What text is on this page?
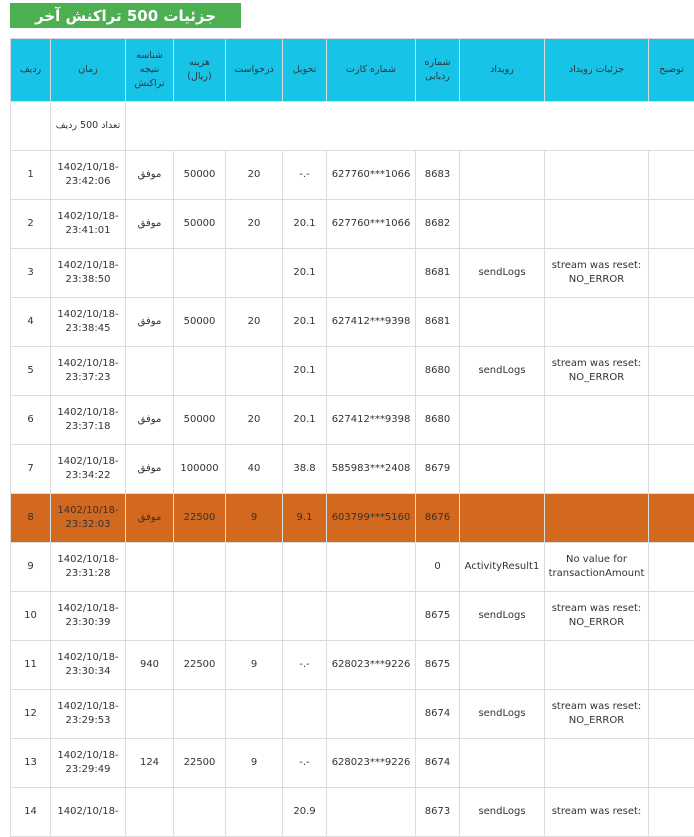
جزئیات 500 تراکنش آخر
	تعداد 500 ردیف									
ردیف	زمان	شناسه نتیجه تراکنش	هزینه (ریال)	درخواست	تحویل	شماره کارت	شماره ردیابی	رویداد	جزئیات رویداد	توضیح
1	1402/10/18-23:42:06	موفق	50000	20	-.-	627760***1066	8683			
2	1402/10/18-23:41:01	موفق	50000	20	20.1	627760***1066	8682			
3	1402/10/18-23:38:50				20.1		8681	sendLogs	stream was reset: NO_ERROR	
4	1402/10/18-23:38:45	موفق	50000	20	20.1	627412***9398	8681			
5	1402/10/18-23:37:23				20.1		8680	sendLogs	stream was reset: NO_ERROR	
6	1402/10/18-23:37:18	موفق	50000	20	20.1	627412***9398	8680			
7	1402/10/18-23:34:22	موفق	100000	40	38.8	585983***2408	8679			
8	1402/10/18-23:32:03	موفق	22500	9	9.1	603799***5160	8676			
9	1402/10/18-23:31:28						0	ActivityResult1	No value for transactionAmount	
10	1402/10/18-23:30:39						8675	sendLogs	stream was reset: NO_ERROR	
11	1402/10/18-23:30:34	940	22500	9	-.-	628023***9226	8675			
12	1402/10/18-23:29:53						8674	sendLogs	stream was reset: NO_ERROR	
13	1402/10/18-23:29:49	124	22500	9	-.-	628023***9226	8674			
14	1402/10/18-				20.9		8673	sendLogs	stream was reset:	
